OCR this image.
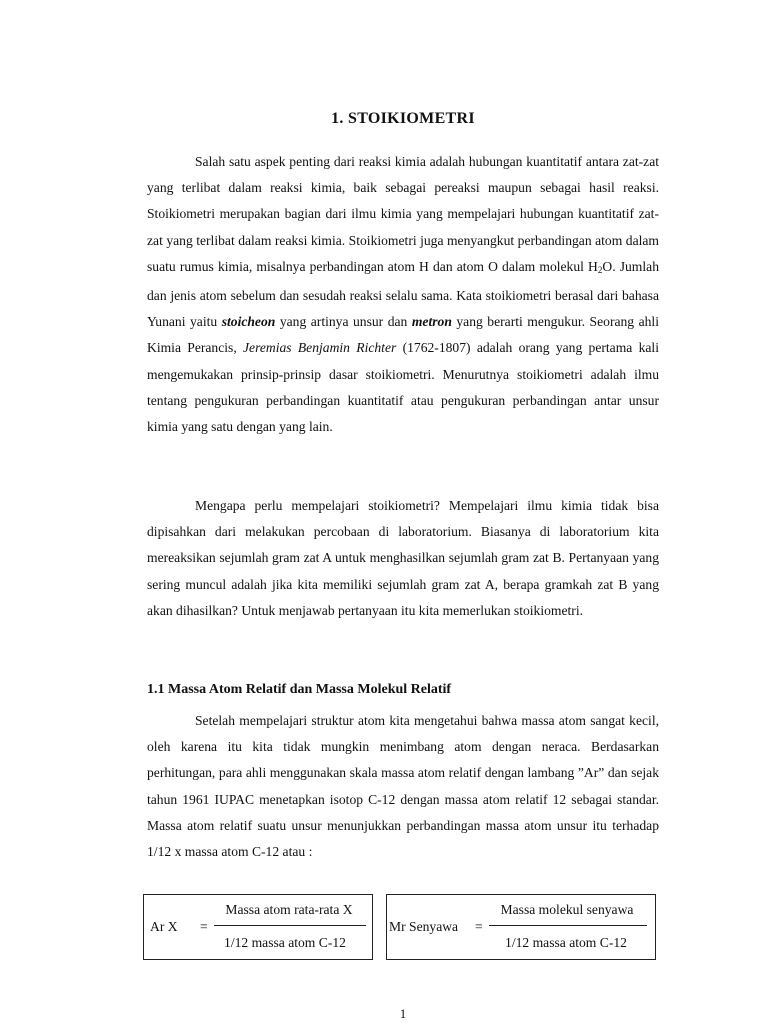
1. STOIKIOMETRI

Salah satu aspek penting dari reaksi kimia adalah hubungan kuantitatif antara zat-zat yang terlibat dalam reaksi kimia, baik sebagai pereaksi maupun sebagai hasil reaksi. Stoikiometri merupakan bagian dari ilmu kimia yang mempelajari hubungan kuantitatif zat-zat yang terlibat dalam reaksi kimia. Stoikiometri juga menyangkut perbandingan atom dalam suatu rumus kimia, misalnya perbandingan atom H dan atom O dalam molekul $H_2O$. Jumlah dan jenis atom sebelum dan sesudah reaksi selalu sama. Kata stoikiometri berasal dari bahasa Yunani yaitu stoicheon yang artinya unsur dan metron yang berarti mengukur. Seorang ahli Kimia Perancis, Jeremias Benjamin Richter (1762-1807) adalah orang yang pertama kali mengemukakan prinsip-prinsip dasar stoikiometri. Menurutnya stoikiometri adalah ilmu tentang pengukuran perbandingan kuantitatif atau pengukuran perbandingan antar unsur kimia yang satu dengan yang lain.

Mengapa perlu mempelajari stoikiometri? Mempelajari ilmu kimia tidak bisa dipisahkan dari melakukan percobaan di laboratorium. Biasanya di laboratorium kita mereaksikan sejumlah gram zat A untuk menghasilkan sejumlah gram zat B. Pertanyaan yang sering muncul adalah jika kita memiliki sejumlah gram zat A, berapa gramkah zat B yang akan dihasilkan? Untuk menjawab pertanyaan itu kita memerlukan stoikiometri.

1.1 Massa Atom Relatif dan Massa Molekul Relatif

Setelah mempelajari struktur atom kita mengetahui bahwa massa atom sangat kecil, oleh karena itu kita tidak mungkin menimbang atom dengan neraca. Berdasarkan perhitungan, para ahli menggunakan skala massa atom relatif dengan lambang ”Ar” dan sejak tahun 1961 IUPAC menetapkan isotop C-12 dengan massa atom relatif 12 sebagai standar. Massa atom relatif suatu unsur menunjukkan perbandingan massa atom unsur itu terhadap 1/12 x massa atom C-12 atau :

Ar X =
Massa atom rata-rata X
1/12 massa atom C-12
Mr Senyawa =
Massa molekul senyawa
1/12 massa atom C-12
1
